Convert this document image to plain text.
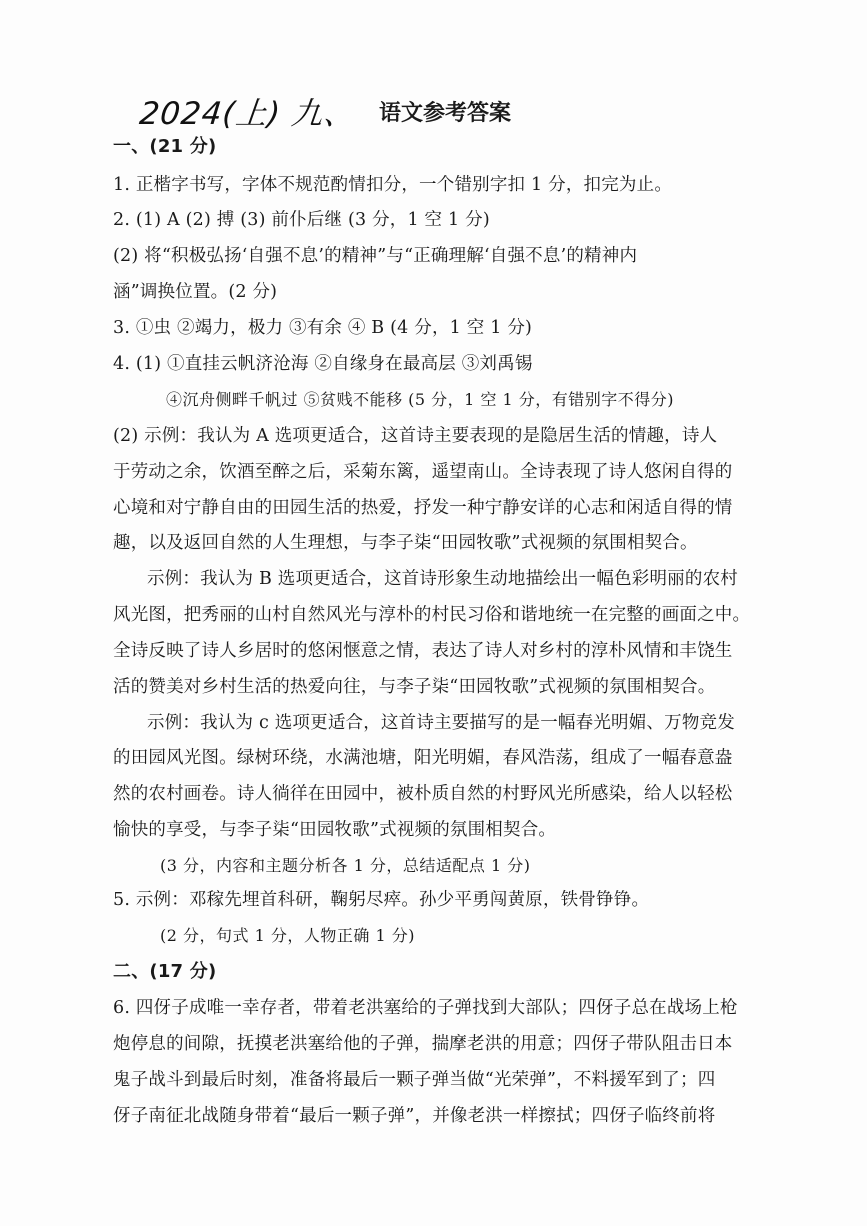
2024(上) 九、 语文参考答案
一、(21 分)
1. 正楷字书写，字体不规范酌情扣分，一个错别字扣 1 分，扣完为止。
2. (1) A (2) 搏 (3) 前仆后继 (3 分，1 空 1 分)
(2) 将“积极弘扬‘自强不息’的精神”与“正确理解‘自强不息’的精神内
涵”调换位置。(2 分)
3. ①虫 ②竭力，极力 ③有余 ④ B (4 分，1 空 1 分)
4. (1) ①直挂云帆济沧海 ②自缘身在最高层 ③刘禹锡
④沉舟侧畔千帆过 ⑤贫贱不能移 (5 分，1 空 1 分，有错别字不得分)
(2) 示例：我认为 A 选项更适合，这首诗主要表现的是隐居生活的情趣，诗人
于劳动之余，饮酒至醉之后，采菊东篱，遥望南山。全诗表现了诗人悠闲自得的
心境和对宁静自由的田园生活的热爱，抒发一种宁静安详的心志和闲适自得的情
趣，以及返回自然的人生理想，与李子柒“田园牧歌”式视频的氛围相契合。
示例：我认为 B 选项更适合，这首诗形象生动地描绘出一幅色彩明丽的农村
风光图，把秀丽的山村自然风光与淳朴的村民习俗和谐地统一在完整的画面之中。
全诗反映了诗人乡居时的悠闲惬意之情，表达了诗人对乡村的淳朴风情和丰饶生
活的赞美对乡村生活的热爱向往，与李子柒“田园牧歌”式视频的氛围相契合。
示例：我认为 c 选项更适合，这首诗主要描写的是一幅春光明媚、万物竞发
的田园风光图。绿树环绕，水满池塘，阳光明媚，春风浩荡，组成了一幅春意盎
然的农村画卷。诗人徜徉在田园中，被朴质自然的村野风光所感染，给人以轻松
愉快的享受，与李子柒“田园牧歌”式视频的氛围相契合。
(3 分，内容和主题分析各 1 分，总结适配点 1 分)
5. 示例：邓稼先埋首科研，鞠躬尽瘁。孙少平勇闯黄原，铁骨铮铮。
(2 分，句式 1 分，人物正确 1 分)
二、(17 分)
6. 四伢子成唯一幸存者，带着老洪塞给的子弹找到大部队；四伢子总在战场上枪
炮停息的间隙，抚摸老洪塞给他的子弹，揣摩老洪的用意；四伢子带队阻击日本
鬼子战斗到最后时刻，准备将最后一颗子弹当做“光荣弹”，不料援军到了；四
伢子南征北战随身带着“最后一颗子弹”，并像老洪一样擦拭；四伢子临终前将
